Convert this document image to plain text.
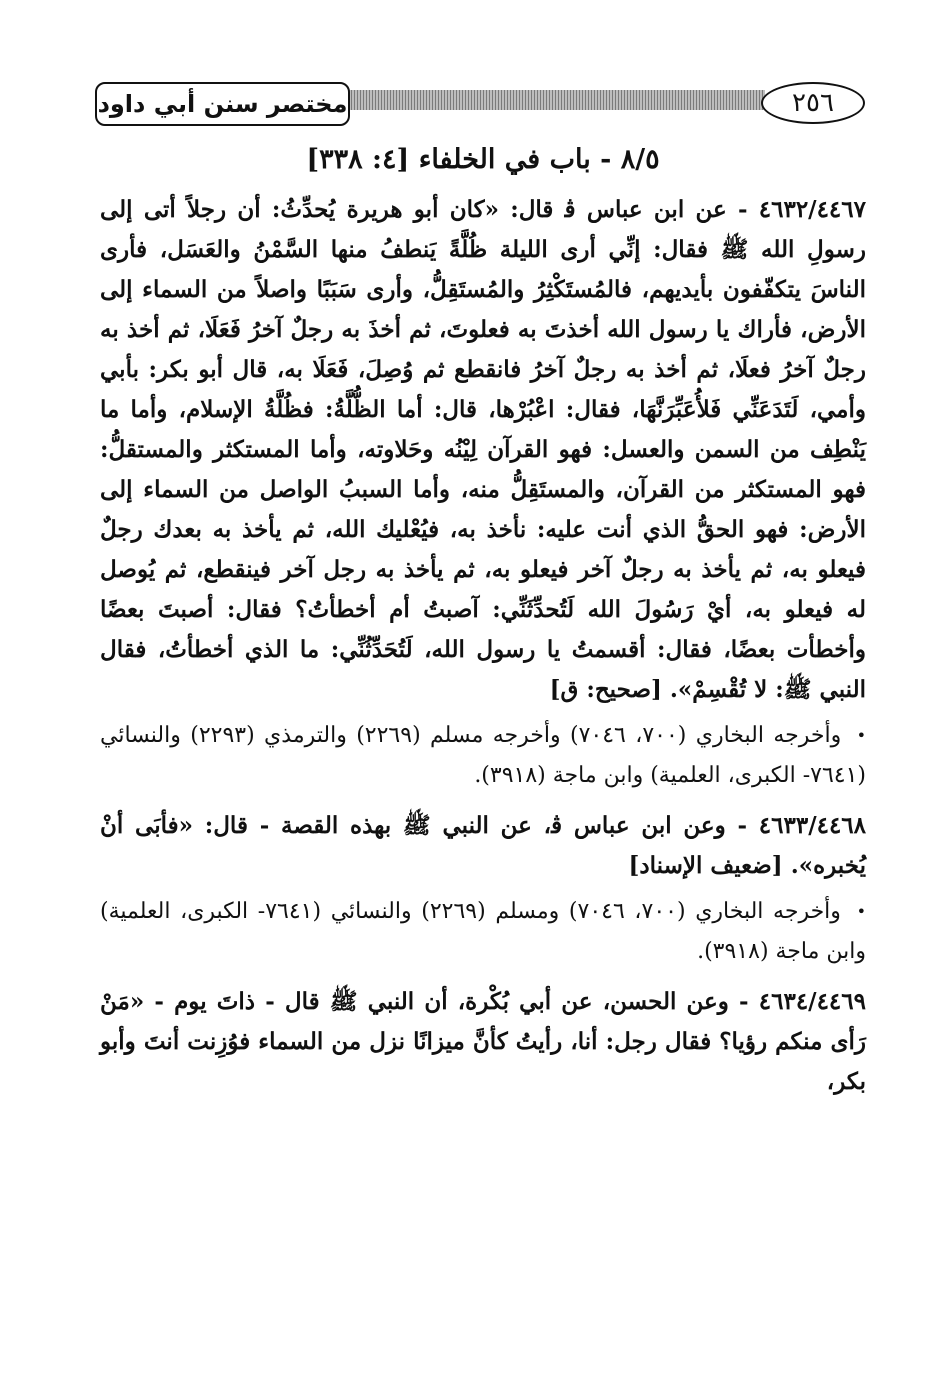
مختصر سنن أبي داود	٢٥٦
٨/٥ - باب في الخلفاء [٤: ٣٣٨]

٤٦٣٢/٤٤٦٧ - عن ابن عباس ﭬ قال: «كان أبو هريرة يُحدِّثُ: أن رجلاً أتى إلى رسولِ الله ﷺ فقال: إنِّي أرى الليلة ظُلَّةً يَنطفُ منها السَّمْنُ والعَسَل، فأرى الناسَ يتكفّفون بأيديهم، فالمُستَكْثِرُ والمُستَقِلُّ، وأرى سَبَبًا واصلاً من السماء إلى الأرض، فأراك يا رسول الله أخذتَ به فعلوتَ، ثم أخذَ به رجلٌ آخرُ فَعَلَا، ثم أخذ به رجلٌ آخرُ فعلَا، ثم أخذ به رجلٌ آخرُ فانقطع ثم وُصِلَ، فَعَلَا به، قال أبو بكر: بأبي وأمي، لَتَدَعَنِّي فَلأُعَبِّرَنَّهَا، فقال: اعْبُرْها، قال: أما الظُّلَّةُ: فظُلَّةُ الإسلام، وأما ما يَنْطِف من السمن والعسل: فهو القرآن لِيْنُه وحَلاوته، وأما المستكثر والمستقلُّ: فهو المستكثر من القرآن، والمستَقِلُّ منه، وأما السببُ الواصل من السماء إلى الأرض: فهو الحقُّ الذي أنت عليه: نأخذ به، فيُعْليك الله، ثم يأخذ به بعدك رجلٌ فيعلو به، ثم يأخذ به رجلٌ آخر فيعلو به، ثم يأخذ به رجل آخر فينقطع، ثم يُوصل له فيعلو به، أيْ رَسُولَ الله لَتُحدِّثَنِّي: آصبتُ أم أخطأتُ؟ فقال: أصبتَ بعضًا وأخطأت بعضًا، فقال: أقسمتُ يا رسول الله، لَتُحَدِّثُنِّي: ما الذي أخطأتُ، فقال النبي ﷺ: لا تُقْسِمْ». [صحيح: ق]

• وأخرجه البخاري (٧٠٠، ٧٠٤٦) وأخرجه مسلم (٢٢٦٩) والترمذي (٢٢٩٣) والنسائي (٧٦٤١- الكبرى، العلمية) وابن ماجة (٣٩١٨).

٤٦٣٣/٤٤٦٨ - وعن ابن عباس ﭬ، عن النبي ﷺ بهذه القصة - قال: «فأبَى أنْ يُخبره». [ضعيف الإسناد]

• وأخرجه البخاري (٧٠٠، ٧٠٤٦) ومسلم (٢٢٦٩) والنسائي (٧٦٤١- الكبرى، العلمية) وابن ماجة (٣٩١٨).

٤٦٣٤/٤٤٦٩ - وعن الحسن، عن أبي بُكْرة، أن النبي ﷺ قال - ذاتَ يوم - «مَنْ رَأى منكم رؤيا؟ فقال رجل: أنا، رأيتُ كأنَّ ميزانًا نزل من السماء فوُزِنت أنتَ وأبو بكر،
